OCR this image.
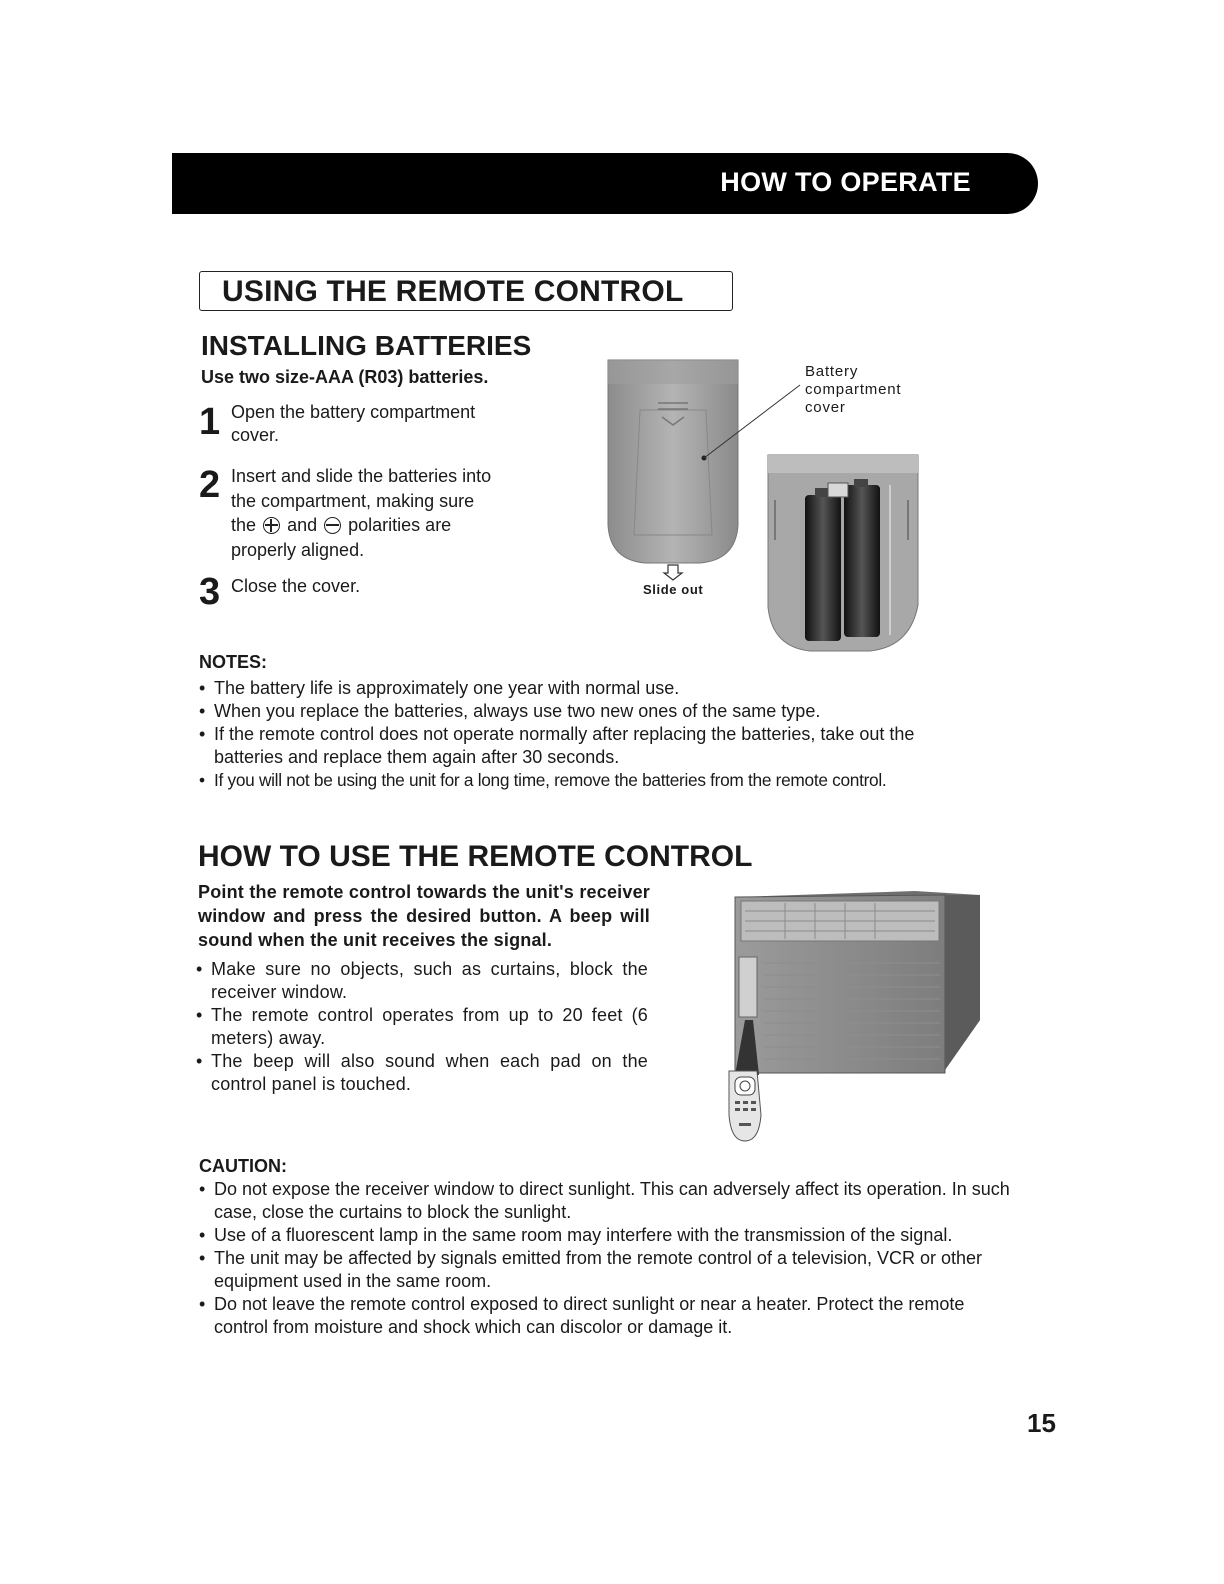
HOW TO OPERATE
USING THE REMOTE CONTROL
INSTALLING BATTERIES
Use two size-AAA (R03) batteries.
1 Open the battery compartment
cover.
2 Insert and slide the batteries into
the compartment, making sure
the and polarities are
properly aligned.
3 Close the cover.
Battery
compartment
cover
Slide out
NOTES:
• The battery life is approximately one year with normal use.
• When you replace the batteries, always use two new ones of the same type.
• If the remote control does not operate normally after replacing the batteries, take out the batteries and replace them again after 30 seconds.
• If you will not be using the unit for a long time, remove the batteries from the remote control.
HOW TO USE THE REMOTE CONTROL
Point the remote control towards the unit's receiver window and press the desired button. A beep will sound when the unit receives the signal.
• Make sure no objects, such as curtains, block the receiver window.
• The remote control operates from up to 20 feet (6 meters) away.
• The beep will also sound when each pad on the control panel is touched.
CAUTION:
• Do not expose the receiver window to direct sunlight. This can adversely affect its operation. In such case, close the curtains to block the sunlight.
• Use of a fluorescent lamp in the same room may interfere with the transmission of the signal.
• The unit may be affected by signals emitted from the remote control of a television, VCR or other equipment used in the same room.
• Do not leave the remote control exposed to direct sunlight or near a heater. Protect the remote control from moisture and shock which can discolor or damage it.
15
